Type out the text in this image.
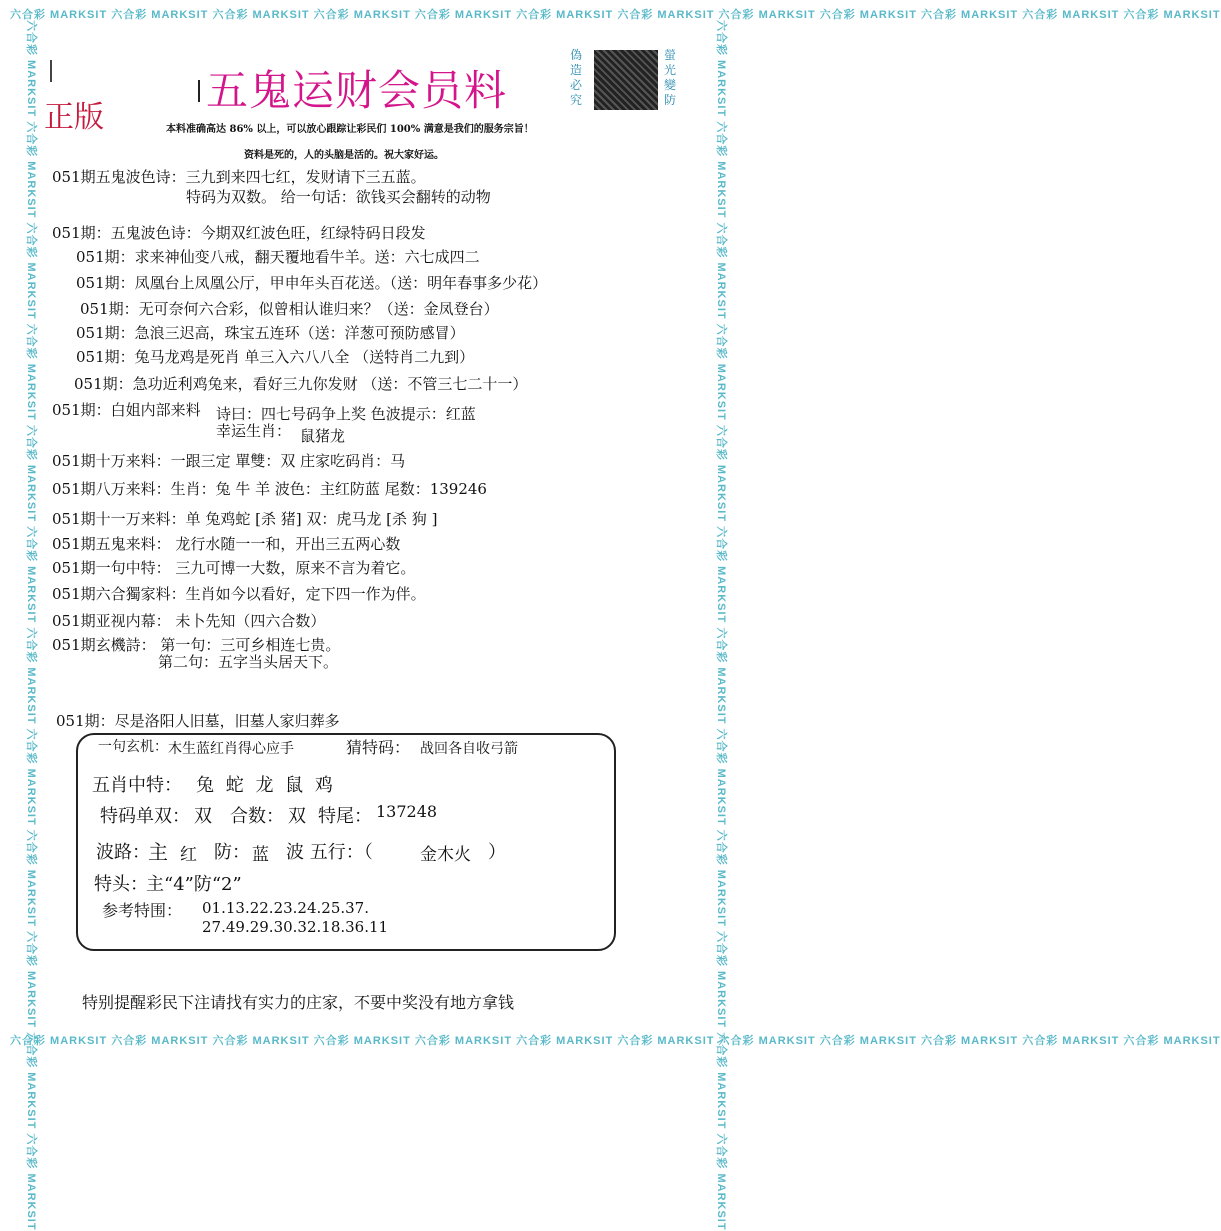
六合彩 MARKSIT 六合彩 MARKSIT 六合彩 MARKSIT 六合彩 MARKSIT 六合彩 MARKSIT 六合彩 MARKSIT 六合彩 MARKSIT 六合彩 MARKSIT 六合彩 MARKSIT 六合彩 MARKSIT 六合彩 MARKSIT 六合彩 MARKSIT
六合彩 MARKSIT 六合彩 MARKSIT 六合彩 MARKSIT 六合彩 MARKSIT 六合彩 MARKSIT 六合彩 MARKSIT 六合彩 MARKSIT 六合彩 MARKSIT 六合彩 MARKSIT 六合彩 MARKSIT 六合彩 MARKSIT 六合彩 MARKSIT
六合彩 MARKSIT 六合彩 MARKSIT 六合彩 MARKSIT 六合彩 MARKSIT 六合彩 MARKSIT 六合彩 MARKSIT 六合彩 MARKSIT 六合彩 MARKSIT 六合彩 MARKSIT 六合彩 MARKSIT 六合彩 MARKSIT 六合彩 MARKSIT	六合彩 MARKSIT 六合彩 MARKSIT 六合彩 MARKSIT 六合彩 MARKSIT 六合彩 MARKSIT 六合彩 MARKSIT 六合彩 MARKSIT 六合彩 MARKSIT 六合彩 MARKSIT 六合彩 MARKSIT 六合彩 MARKSIT 六合彩 MARKSIT
正版
五鬼运财会员料
偽造必究
螢光變防
本料准确高达 86% 以上，可以放心跟踪让彩民们 100% 满意是我们的服务宗旨！
资料是死的，人的头脑是活的。祝大家好运。
051期五鬼波色诗：三九到来四七红，发财请下三五蓝。
特码为双数。 给一句话：欲钱买会翻转的动物
051期：五鬼波色诗：今期双红波色旺，红绿特码日段发
051期：求来神仙变八戒，翻天覆地看牛羊。送：六七成四二
051期：凤凰台上凤凰公厅，甲申年头百花送。（送：明年春事多少花）
051期：无可奈何六合彩，似曾相认谁归来？（送：金凤登台）
051期：急浪三迟高，珠宝五连环（送：洋葱可预防感冒）
051期：兔马龙鸡是死肖 单三入六八八全 （送特肖二九到）
051期：急功近利鸡兔来，看好三九你发财 （送：不管三七二十一）
051期：白姐内部来料 诗曰：四七号码争上奖 色波提示：红蓝
幸运生肖： 鼠猪龙
051期十万来料：一跟三定 單雙：双 庄家吃码肖：马
051期八万来料：生肖：兔 牛 羊 波色：主红防蓝 尾数：139246
051期十一万来料：单 兔鸡蛇 [杀 猪] 双：虎马龙 [杀 狗 ]
051期五鬼来料： 龙行水随一一和，开出三五两心数
051期一句中特： 三九可博一大数，原来不言为着它。
051期六合獨家料：生肖如今以看好，定下四一作为伴。
051期亚视内幕： 未卜先知（四六合数）
051期玄機詩： 第一句：三可乡相连七贵。
第二句：五字当头居天下。
051期：尽是洛阳人旧墓，旧墓人家归葬多
一句玄机： 木生蓝红肖得心应手	猜特码： 战回各自收弓箭
五肖中特： 兔 蛇 龙 鼠 鸡
特码单双： 双 合数： 双 特尾： 137248
波路：
主 红 防： 蓝 波 五行：（	金木火 ）
特头：
主“4”防“2”
参考特围： 01.13.22.23.24.25.37.
27.49.29.30.32.18.36.11
特别提醒彩民下注请找有实力的庄家，不要中奖没有地方拿钱
